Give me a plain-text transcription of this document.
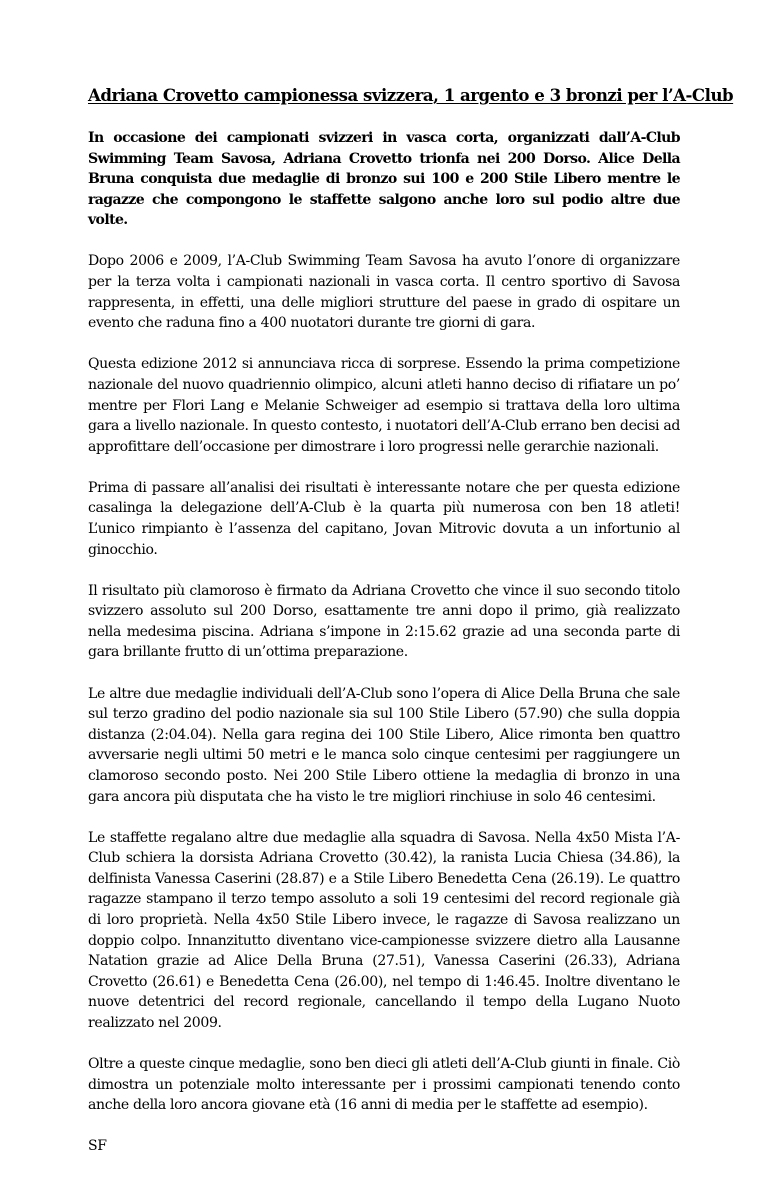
Adriana Crovetto campionessa svizzera, 1 argento e 3 bronzi per l’A-Club

In occasione dei campionati svizzeri in vasca corta, organizzati dall’A-Club Swimming Team Savosa, Adriana Crovetto trionfa nei 200 Dorso. Alice Della Bruna conquista due medaglie di bronzo sui 100 e 200 Stile Libero mentre le ragazze che compongono le staffette salgono anche loro sul podio altre due volte.

Dopo 2006 e 2009, l’A-Club Swimming Team Savosa ha avuto l’onore di organizzare per la terza volta i campionati nazionali in vasca corta. Il centro sportivo di Savosa rappresenta, in effetti, una delle migliori strutture del paese in grado di ospitare un evento che raduna fino a 400 nuotatori durante tre giorni di gara.

Questa edizione 2012 si annunciava ricca di sorprese. Essendo la prima competizione nazionale del nuovo quadriennio olimpico, alcuni atleti hanno deciso di rifiatare un po’ mentre per Flori Lang e Melanie Schweiger ad esempio si trattava della loro ultima gara a livello nazionale. In questo contesto, i nuotatori dell’A-Club errano ben decisi ad approfittare dell’occasione per dimostrare i loro progressi nelle gerarchie nazionali.

Prima di passare all’analisi dei risultati è interessante notare che per questa edizione casalinga la delegazione dell’A-Club è la quarta più numerosa con ben 18 atleti! L’unico rimpianto è l’assenza del capitano, Jovan Mitrovic dovuta a un infortunio al ginocchio.

Il risultato più clamoroso è firmato da Adriana Crovetto che vince il suo secondo titolo svizzero assoluto sul 200 Dorso, esattamente tre anni dopo il primo, già realizzato nella medesima piscina. Adriana s’impone in 2:15.62 grazie ad una seconda parte di gara brillante frutto di un’ottima preparazione.

Le altre due medaglie individuali dell’A-Club sono l’opera di Alice Della Bruna che sale sul terzo gradino del podio nazionale sia sul 100 Stile Libero (57.90) che sulla doppia distanza (2:04.04). Nella gara regina dei 100 Stile Libero, Alice rimonta ben quattro avversarie negli ultimi 50 metri e le manca solo cinque centesimi per raggiungere un clamoroso secondo posto. Nei 200 Stile Libero ottiene la medaglia di bronzo in una gara ancora più disputata che ha visto le tre migliori rinchiuse in solo 46 centesimi.

Le staffette regalano altre due medaglie alla squadra di Savosa. Nella 4x50 Mista l’A-Club schiera la dorsista Adriana Crovetto (30.42), la ranista Lucia Chiesa (34.86), la delfinista Vanessa Caserini (28.87) e a Stile Libero Benedetta Cena (26.19). Le quattro ragazze stampano il terzo tempo assoluto a soli 19 centesimi del record regionale già di loro proprietà. Nella 4x50 Stile Libero invece, le ragazze di Savosa realizzano un doppio colpo. Innanzitutto diventano vice-campionesse svizzere dietro alla Lausanne Natation grazie ad Alice Della Bruna (27.51), Vanessa Caserini (26.33), Adriana Crovetto (26.61) e Benedetta Cena (26.00), nel tempo di 1:46.45. Inoltre diventano le nuove detentrici del record regionale, cancellando il tempo della Lugano Nuoto realizzato nel 2009.

Oltre a queste cinque medaglie, sono ben dieci gli atleti dell’A-Club giunti in finale. Ciò dimostra un potenziale molto interessante per i prossimi campionati tenendo conto anche della loro ancora giovane età (16 anni di media per le staffette ad esempio).

SF
